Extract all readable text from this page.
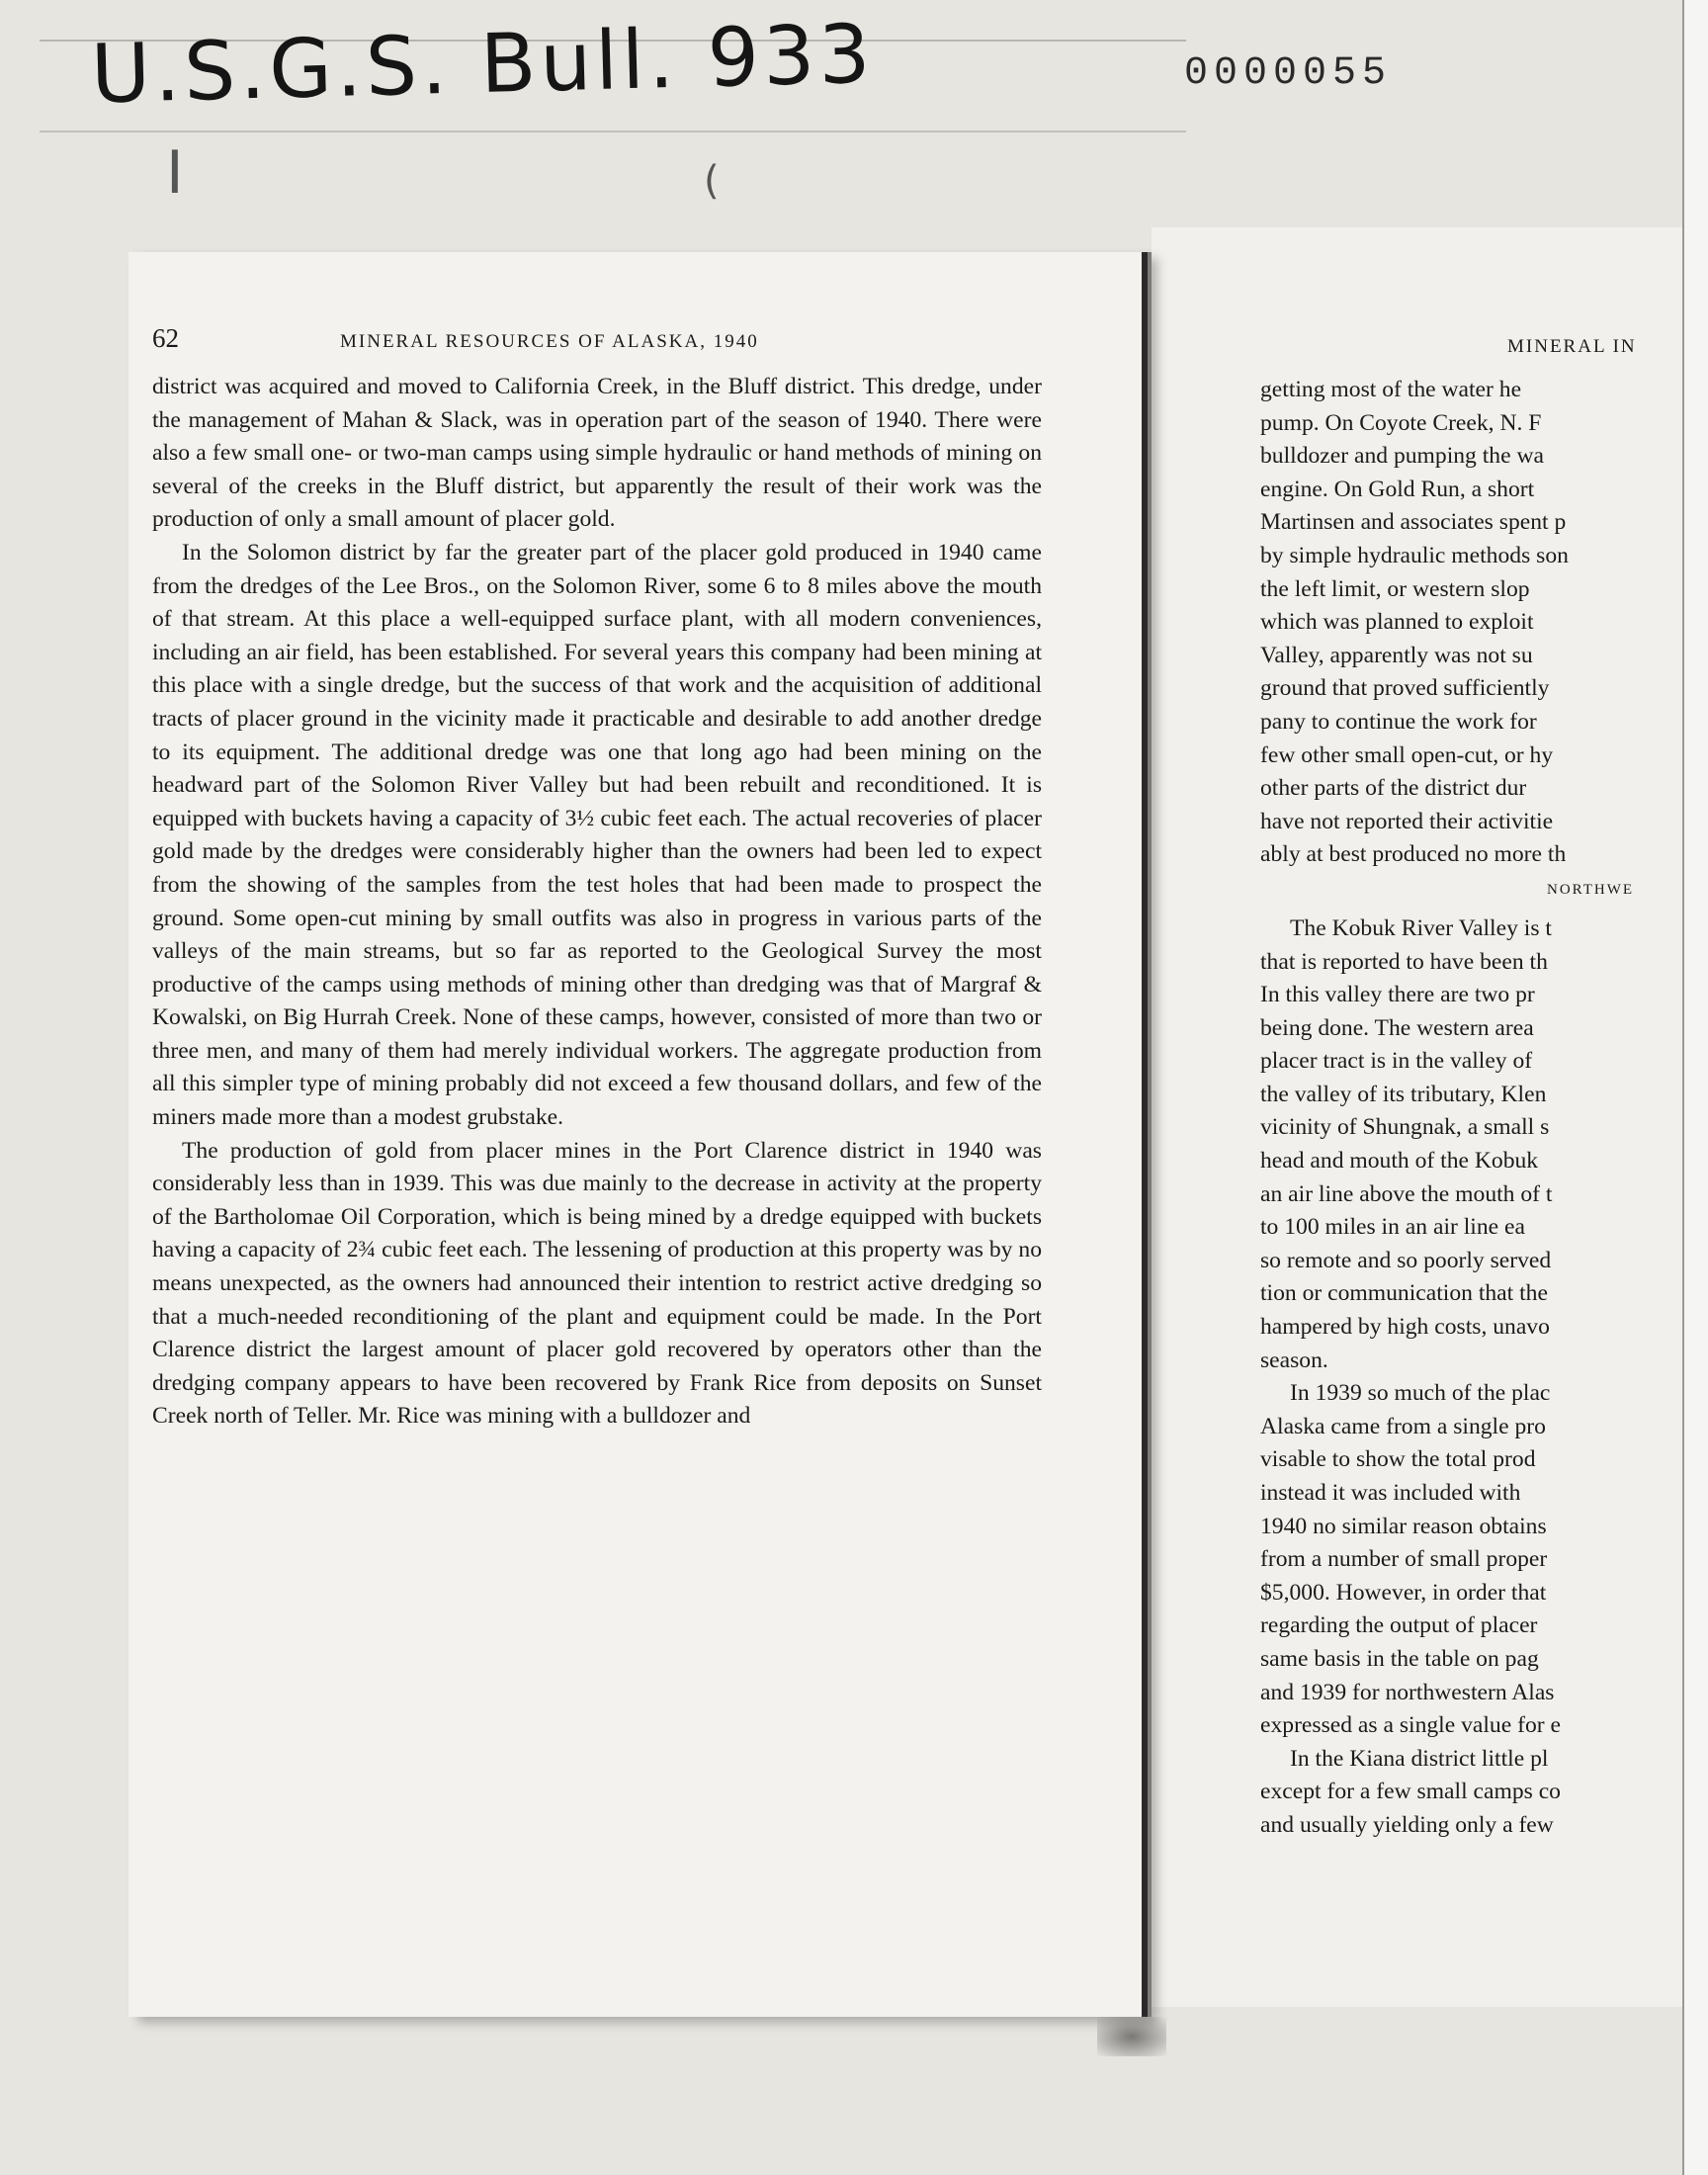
U.S.G.S. Bull. 933	0000055
I	(
MINERAL IN
getting most of the water he
pump. On Coyote Creek, N. F
bulldozer and pumping the wa
engine. On Gold Run, a short
Martinsen and associates spent p
by simple hydraulic methods son
the left limit, or western slop
which was planned to exploit
Valley, apparently was not su
ground that proved sufficiently
pany to continue the work for
few other small open-cut, or hy
other parts of the district dur
have not reported their activitie
ably at best produced no more th
NORTHWE
The Kobuk River Valley is t
that is reported to have been th
In this valley there are two pr
being done. The western area
placer tract is in the valley of
the valley of its tributary, Klen
vicinity of Shungnak, a small s
head and mouth of the Kobuk
an air line above the mouth of t
to 100 miles in an air line ea
so remote and so poorly served
tion or communication that the
hampered by high costs, unavo
season.
In 1939 so much of the plac
Alaska came from a single pro
visable to show the total prod
instead it was included with
1940 no similar reason obtains
from a number of small proper
$5,000. However, in order that
regarding the output of placer
same basis in the table on pag
and 1939 for northwestern Alas
expressed as a single value for e
In the Kiana district little pl
except for a few small camps co
and usually yielding only a few
62	MINERAL RESOURCES OF ALASKA, 1940

district was acquired and moved to California Creek, in the Bluff district. This dredge, under the management of Mahan & Slack, was in operation part of the season of 1940. There were also a few small one- or two-man camps using simple hydraulic or hand methods of mining on several of the creeks in the Bluff district, but apparently the result of their work was the production of only a small amount of placer gold.

In the Solomon district by far the greater part of the placer gold produced in 1940 came from the dredges of the Lee Bros., on the Solomon River, some 6 to 8 miles above the mouth of that stream. At this place a well-equipped surface plant, with all modern conveniences, including an air field, has been established. For several years this company had been mining at this place with a single dredge, but the success of that work and the acquisition of additional tracts of placer ground in the vicinity made it practicable and desirable to add another dredge to its equipment. The additional dredge was one that long ago had been mining on the headward part of the Solomon River Valley but had been rebuilt and reconditioned. It is equipped with buckets having a capacity of 3½ cubic feet each. The actual recoveries of placer gold made by the dredges were considerably higher than the owners had been led to expect from the showing of the samples from the test holes that had been made to prospect the ground. Some open-cut mining by small outfits was also in progress in various parts of the valleys of the main streams, but so far as reported to the Geological Survey the most productive of the camps using methods of mining other than dredging was that of Margraf & Kowalski, on Big Hurrah Creek. None of these camps, however, consisted of more than two or three men, and many of them had merely individual workers. The aggregate production from all this simpler type of mining probably did not exceed a few thousand dollars, and few of the miners made more than a modest grubstake.

The production of gold from placer mines in the Port Clarence district in 1940 was considerably less than in 1939. This was due mainly to the decrease in activity at the property of the Bartholomae Oil Corporation, which is being mined by a dredge equipped with buckets having a capacity of 2¾ cubic feet each. The lessening of production at this property was by no means unexpected, as the owners had announced their intention to restrict active dredging so that a much-needed reconditioning of the plant and equipment could be made. In the Port Clarence district the largest amount of placer gold recovered by operators other than the dredging company appears to have been recovered by Frank Rice from deposits on Sunset Creek north of Teller. Mr. Rice was mining with a bulldozer and
